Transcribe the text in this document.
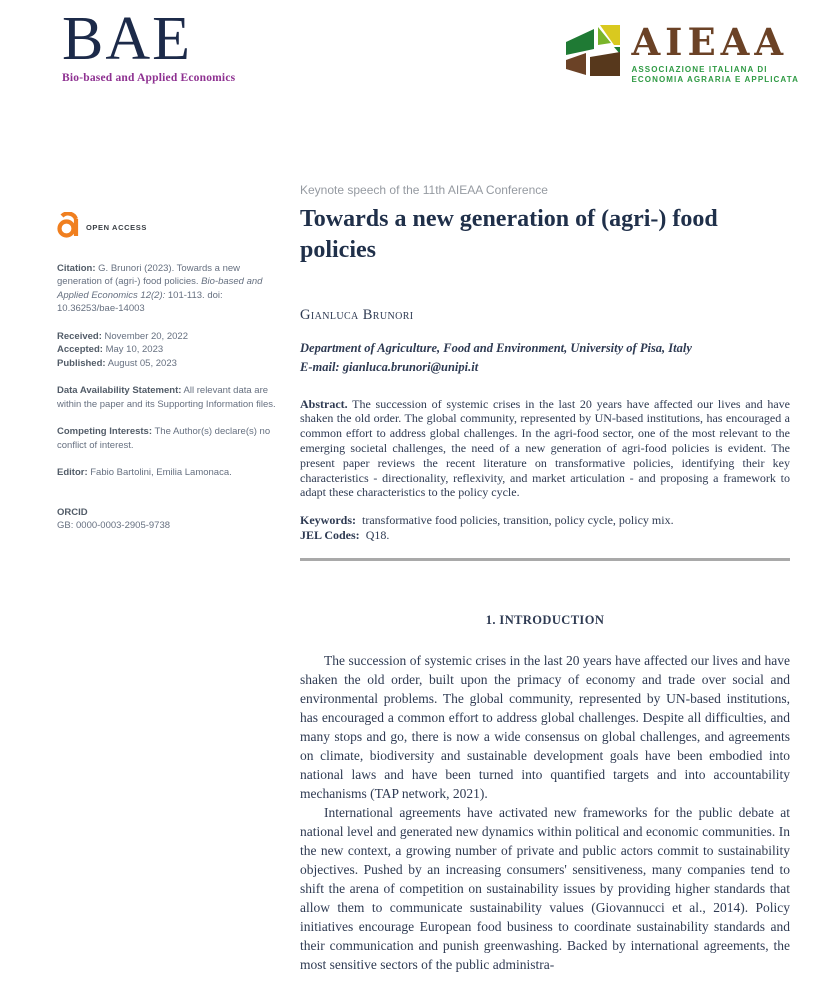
BAE
Bio-based and Applied Economics
AIEAA
ASSOCIAZIONE ITALIANA DI
ECONOMIA AGRARIA E APPLICATA
OPEN ACCESS

Citation: G. Brunori (2023). Towards a new generation of (agri-) food policies. Bio-based and Applied Economics 12(2): 101-113. doi: 10.36253/bae-14003

Received: November 20, 2022

Accepted: May 10, 2023

Published: August 05, 2023

Data Availability Statement: All relevant data are within the paper and its Supporting Information files.

Competing Interests: The Author(s) declare(s) no conflict of interest.

Editor: Fabio Bartolini, Emilia Lamonaca.

ORCID
GB: 0000-0003-2905-9738

Keynote speech of the 11th AIEAA Conference
Towards a new generation of (agri-) food policies
Gianluca Brunori
Department of Agriculture, Food and Environment, University of Pisa, Italy
E-mail: gianluca.brunori@unipi.it

Abstract. The succession of systemic crises in the last 20 years have affected our lives and have shaken the old order. The global community, represented by UN-based institutions, has encouraged a common effort to address global challenges. In the agri-food sector, one of the most relevant to the emerging societal challenges, the need of a new generation of agri-food policies is evident. The present paper reviews the recent literature on transformative policies, identifying their key characteristics - directionality, reflexivity, and market articulation - and proposing a framework to adapt these characteristics to the policy cycle.

Keywords: transformative food policies, transition, policy cycle, policy mix.

JEL Codes: Q18.

1. INTRODUCTION

The succession of systemic crises in the last 20 years have affected our lives and have shaken the old order, built upon the primacy of economy and trade over social and environmental problems. The global community, represented by UN-based institutions, has encouraged a common effort to address global challenges. Despite all difficulties, and many stops and go, there is now a wide consensus on global challenges, and agreements on climate, biodiversity and sustainable development goals have been embodied into national laws and have been turned into quantified targets and into accountability mechanisms (TAP network, 2021).

International agreements have activated new frameworks for the public debate at national level and generated new dynamics within political and economic communities. In the new context, a growing number of private and public actors commit to sustainability objectives. Pushed by an increasing consumers' sensitiveness, many companies tend to shift the arena of competition on sustainability issues by providing higher standards that allow them to communicate sustainability values (Giovannucci et al., 2014). Policy initiatives encourage European food business to coordinate sustainability standards and their communication and punish greenwashing. Backed by international agreements, the most sensitive sectors of the public administra-
